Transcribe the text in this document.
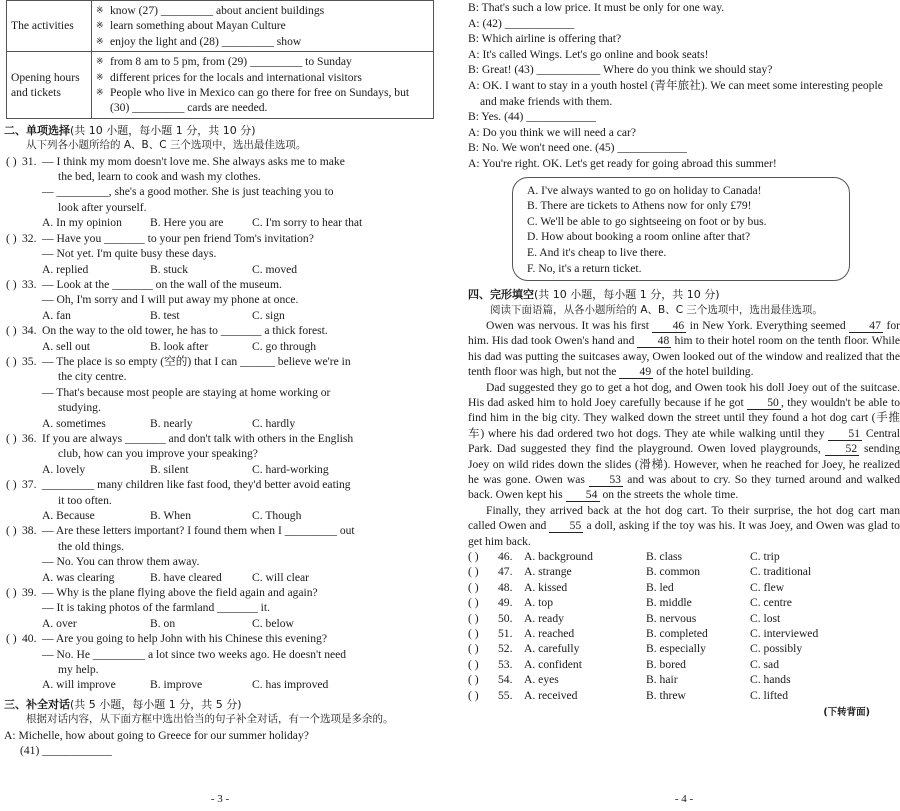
The activities	※ know (27) _________ about ancient buildings
※ learn something about Mayan Culture
※ enjoy the light and (28) _________ show

Opening hours and tickets	※ from 8 am to 5 pm, from (29) _________ to Sunday
※ different prices for the locals and international visitors
※ People who live in Mexico can go there for free on Sundays, but (30) _________ cards are needed.
二、单项选择(共 10 小题，每小题 1 分，共 10 分)
从下列各小题所给的 A、B、C 三个选项中，选出最佳选项。
( ) 31. — I think my mom doesn't love me. She always asks me to make
the bed, learn to cook and wash my clothes.
— _________, she's a good mother. She is just teaching you to
look after yourself.
A. In my opinion	B. Here you are	C. I'm sorry to hear that
( ) 32. — Have you _______ to your pen friend Tom's invitation?
— Not yet. I'm quite busy these days.
A. replied	B. stuck	C. moved
( ) 33. — Look at the _______ on the wall of the museum.
— Oh, I'm sorry and I will put away my phone at once.
A. fan	B. test	C. sign
( ) 34. On the way to the old tower, he has to _______ a thick forest.
A. sell out	B. look after	C. go through
( ) 35. — The place is so empty (空的) that I can ______ believe we're in
the city centre.
— That's because most people are staying at home working or
studying.
A. sometimes	B. nearly	C. hardly
( ) 36. If you are always _______ and don't talk with others in the English
club, how can you improve your speaking?
A. lovely	B. silent	C. hard-working
( ) 37. _________ many children like fast food, they'd better avoid eating
it too often.
A. Because	B. When	C. Though
( ) 38. — Are these letters important? I found them when I _________ out
the old things.
— No. You can throw them away.
A. was clearing	B. have cleared	C. will clear
( ) 39. — Why is the plane flying above the field again and again?
— It is taking photos of the farmland _______ it.
A. over	B. on	C. below
( ) 40. — Are you going to help John with his Chinese this evening?
— No. He _________ a lot since two weeks ago. He doesn't need
my help.
A. will improve	B. improve	C. has improved
三、补全对话(共 5 小题，每小题 1 分，共 5 分)
根据对话内容，从下面方框中选出恰当的句子补全对话，有一个选项是多余的。
A: Michelle, how about going to Greece for our summer holiday?
(41) ____________
- 3 -
B: That's such a low price. It must be only for one way.
A: (42) ____________
B: Which airline is offering that?
A: It's called Wings. Let's go online and book seats!
B: Great! (43) ___________ Where do you think we should stay?
A: OK. I want to stay in a youth hostel (青年旅社). We can meet some interesting people and make friends with them.
B: Yes. (44) ____________
A: Do you think we will need a car?
B: No. We won't need one. (45) ____________
A: You're right. OK. Let's get ready for going abroad this summer!
A. I've always wanted to go on holiday to Canada!
B. There are tickets to Athens now for only £79!
C. We'll be able to go sightseeing on foot or by bus.
D. How about booking a room online after that?
E. And it's cheap to live there.
F. No, it's a return ticket.
四、完形填空(共 10 小题，每小题 1 分，共 10 分)
阅读下面语篇，从各小题所给的 A、B、C 三个选项中，选出最佳选项。

Owen was nervous. It was his first 46 in New York. Everything seemed 47 for him. His dad took Owen's hand and 48 him to their hotel room on the tenth floor. While his dad was putting the suitcases away, Owen looked out of the window and realized that the tenth floor was high, but not the 49 of the hotel building.

Dad suggested they go to get a hot dog, and Owen took his doll Joey out of the suitcase. His dad asked him to hold Joey carefully because if he got 50 , they wouldn't be able to find him in the big city. They walked down the street until they found a hot dog cart (手推车) where his dad ordered two hot dogs. They ate while walking until they 51 Central Park. Dad suggested they find the playground. Owen loved playgrounds, 52 sending Joey on wild rides down the slides (滑梯). However, when he reached for Joey, he realized he was gone. Owen was 53 and was about to cry. So they turned around and walked back. Owen kept his 54 on the streets the whole time.

Finally, they arrived back at the hot dog cart. To their surprise, the hot dog cart man called Owen and 55 a doll, asking if the toy was his. It was Joey, and Owen was glad to get him back.

( )	46. A. background	B. class	C. trip
( )	47. A. strange	B. common	C. traditional
( )	48. A. kissed	B. led	C. flew
( )	49. A. top	B. middle	C. centre
( )	50. A. ready	B. nervous	C. lost
( )	51. A. reached	B. completed	C. interviewed
( )	52. A. carefully	B. especially	C. possibly
( )	53. A. confident	B. bored	C. sad
( )	54. A. eyes	B. hair	C. hands
( )	55. A. received	B. threw	C. lifted
(下转背面)
- 4 -
